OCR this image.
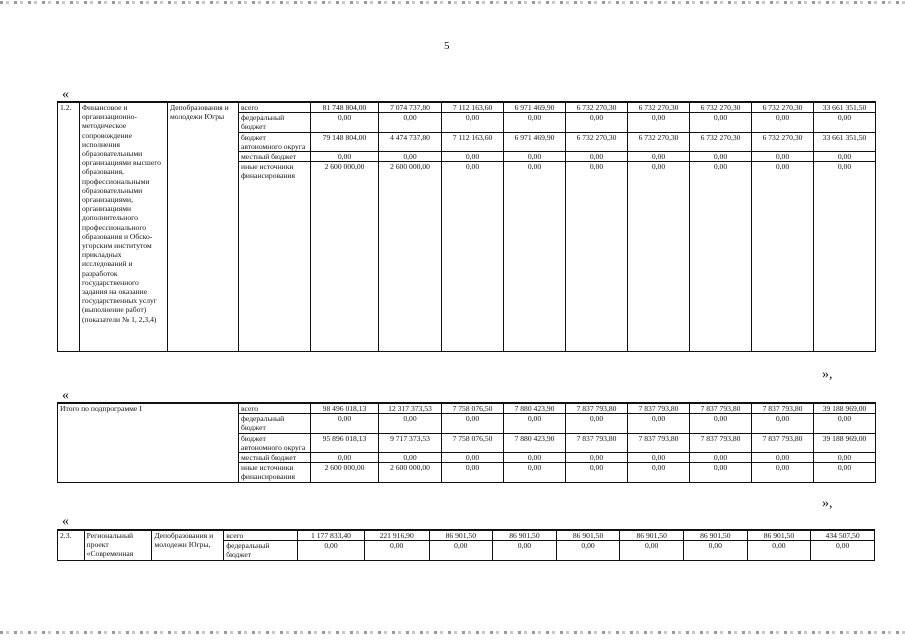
5
«
1.2.	Финансовое и организационно-методическое сопровождение исполнения образовательными организациями высшего образования, профессиональными образовательными организациями, организациями дополнительного профессионального образования и Обско-угорским институтом прикладных исследований и разработок государственного задания на оказание государственных услуг (выполнение работ) (показатели № 1, 2,3,4)	Депобразования и молодежи Югры	всего	81 748 804,00	7 074 737,80	7 112 163,60	6 971 469,90	6 732 270,30	6 732 270,30	6 732 270,30	6 732 270,30	33 661 351,50
			федеральный бюджет	0,00	0,00	0,00	0,00	0,00	0,00	0,00	0,00	0,00
			бюджет автономного округа	79 148 804,00	4 474 737,80	7 112 163,60	6 971 469,90	6 732 270,30	6 732 270,30	6 732 270,30	6 732 270,30	33 661 351,50
			местный бюджет	0,00	0,00	0,00	0,00	0,00	0,00	0,00	0,00	0,00
			иные источники финансирования	2 600 000,00	2 600 000,00	0,00	0,00	0,00	0,00	0,00	0,00	0,00
»,
«
Итого по подпрограмме I	всего	98 496 018,13	12 317 373,53	7 758 076,50	7 880 423,90	7 837 793,80	7 837 793,80	7 837 793,80	7 837 793,80	39 188 969,00
	федеральный бюджет	0,00	0,00	0,00	0,00	0,00	0,00	0,00	0,00	0,00
	бюджет автономного округа	95 896 018,13	9 717 373,53	7 758 076,50	7 880 423,90	7 837 793,80	7 837 793,80	7 837 793,80	7 837 793,80	39 188 969,00
	местный бюджет	0,00	0,00	0,00	0,00	0,00	0,00	0,00	0,00	0,00
	иные источники финансирования	2 600 000,00	2 600 000,00	0,00	0,00	0,00	0,00	0,00	0,00	0,00
»,
«
2.3.	Региональный проект «Современная	Депобразования и молодежи Югры,	всего	1 177 833,40	221 916,90	86 901,50	86 901,50	86 901,50	86 901,50	86 901,50	86 901,50	434 507,50
			федеральный бюджет	0,00	0,00	0,00	0,00	0,00	0,00	0,00	0,00	0,00
